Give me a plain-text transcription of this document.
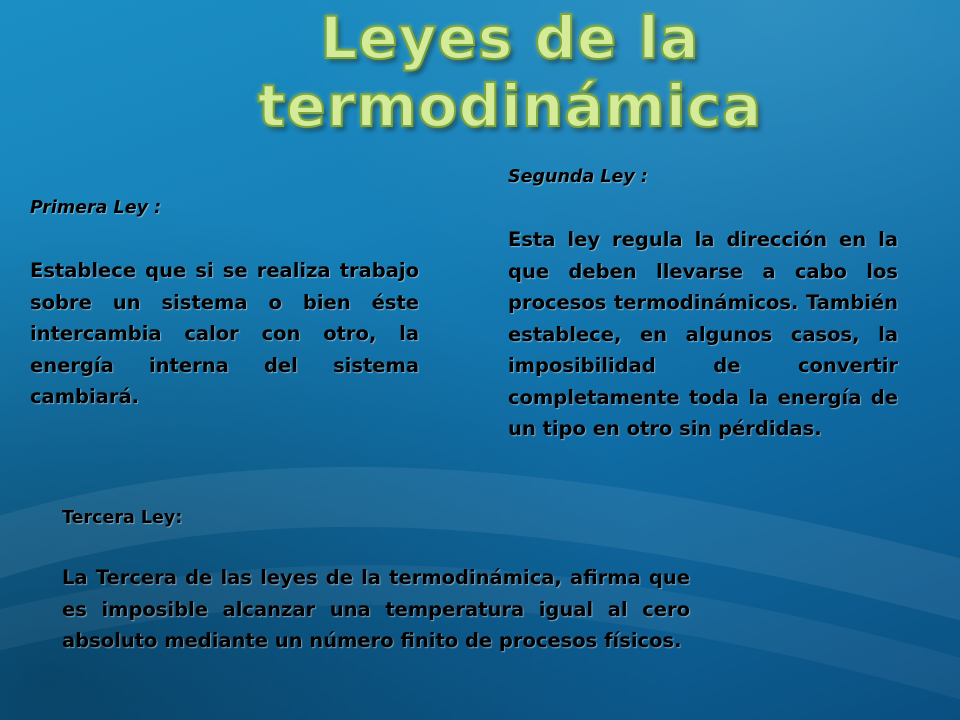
Leyes de la termodinámica

Primera Ley :

Establece que si se realiza trabajo sobre un sistema o bien éste intercambia calor con otro, la energía interna del sistema cambiará.

Segunda Ley :

Esta ley regula la dirección en la que deben llevarse a cabo los procesos termodinámicos. También establece, en algunos casos, la imposibilidad de convertir completamente toda la energía de un tipo en otro sin pérdidas.

Tercera Ley:

La Tercera de las leyes de la termodinámica, afirma que es imposible alcanzar una temperatura igual al cero absoluto mediante un número finito de procesos físicos.
